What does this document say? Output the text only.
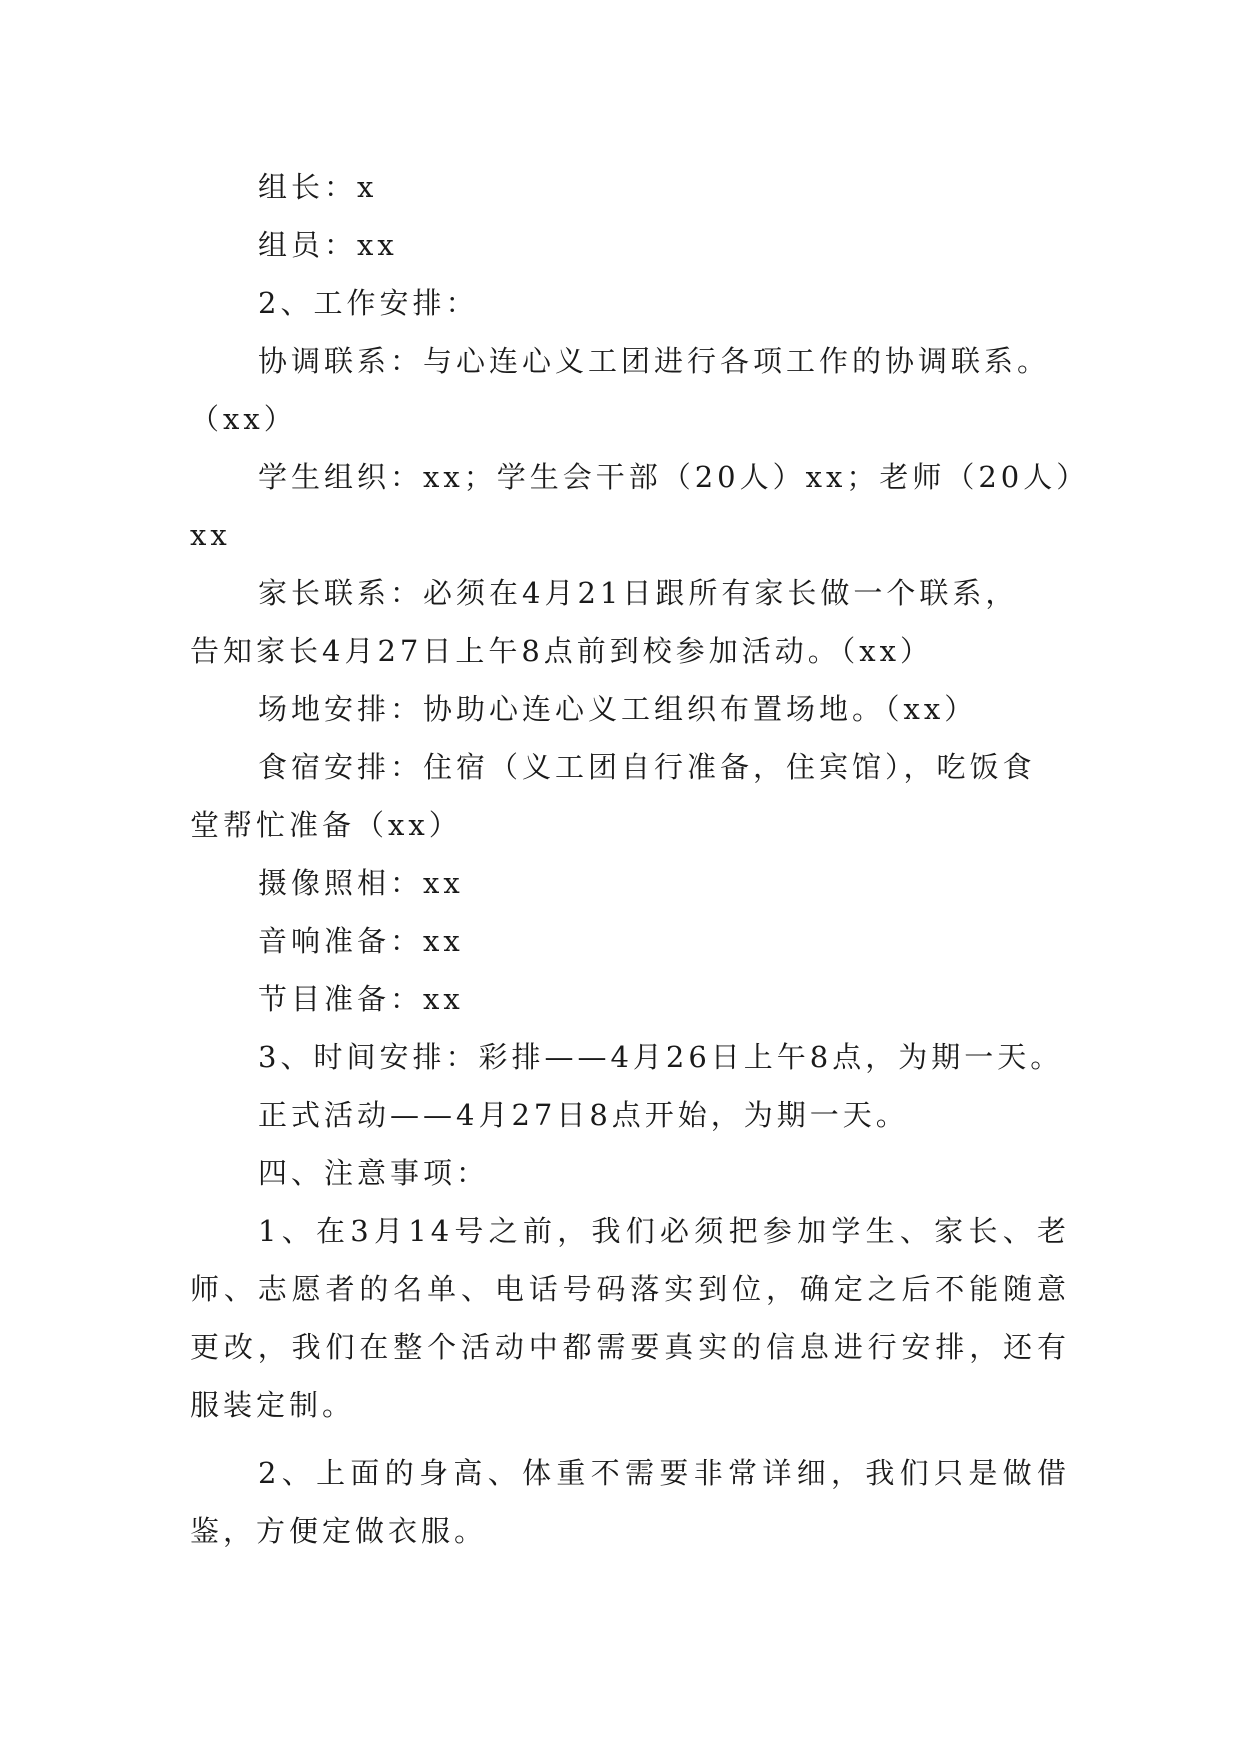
组长：x

组员：xx

2、工作安排：

协调联系：与心连心义工团进行各项工作的协调联系。

（xx）

学生组织：xx；学生会干部（20人）xx；老师（20人）

xx

家长联系：必须在4月21日跟所有家长做一个联系，

告知家长4月27日上午8点前到校参加活动。（xx）

场地安排：协助心连心义工组织布置场地。（xx）

食宿安排：住宿（义工团自行准备，住宾馆），吃饭食

堂帮忙准备（xx）

摄像照相：xx

音响准备：xx

节目准备：xx

3、时间安排：彩排——4月26日上午8点，为期一天。

正式活动——4月27日8点开始，为期一天。

四、注意事项：

1、在3月14号之前，我们必须把参加学生、家长、老师、志愿者的名单、电话号码落实到位，确定之后不能随意更改，我们在整个活动中都需要真实的信息进行安排，还有服装定制。

2、上面的身高、体重不需要非常详细，我们只是做借鉴，方便定做衣服。
